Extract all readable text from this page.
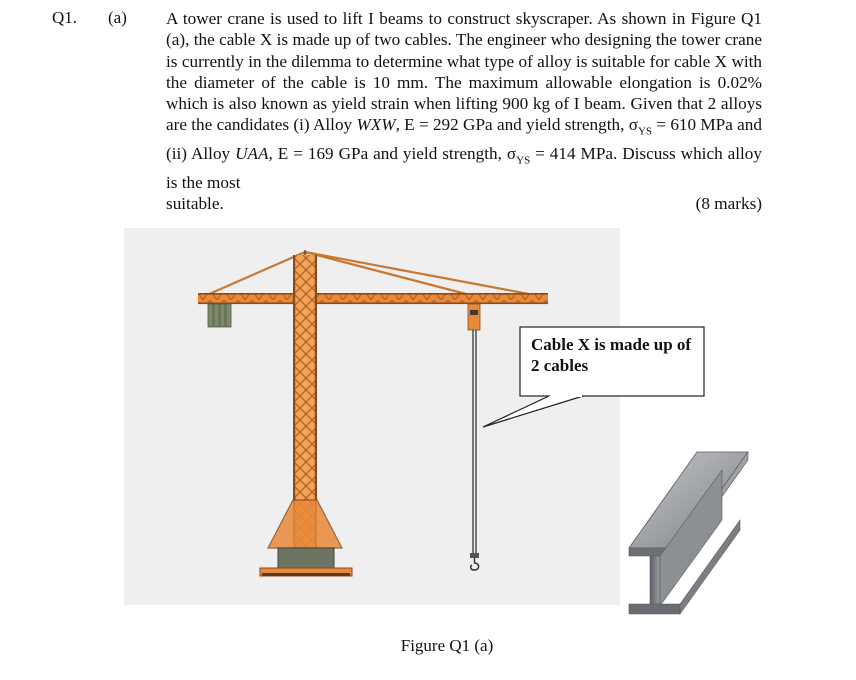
Q1. (a) A tower crane is used to lift I beams to construct skyscraper. As shown in Figure Q1 (a), the cable X is made up of two cables. The engineer who designing the tower crane is currently in the dilemma to determine what type of alloy is suitable for cable X with the diameter of the cable is 10 mm. The maximum allowable elongation is 0.02% which is also known as yield strain when lifting 900 kg of I beam. Given that 2 alloys are the candidates (i) Alloy WXW, E = 292 GPa and yield strength, $\sigma_{YS} = 610$ MPa and (ii) Alloy UAA, E = 169 GPa and yield strength, $\sigma_{YS} = 414$ MPa. Discuss which alloy is the most
suitable.	(8 marks)
Cable X is made up of 2 cables
Figure Q1 (a)
